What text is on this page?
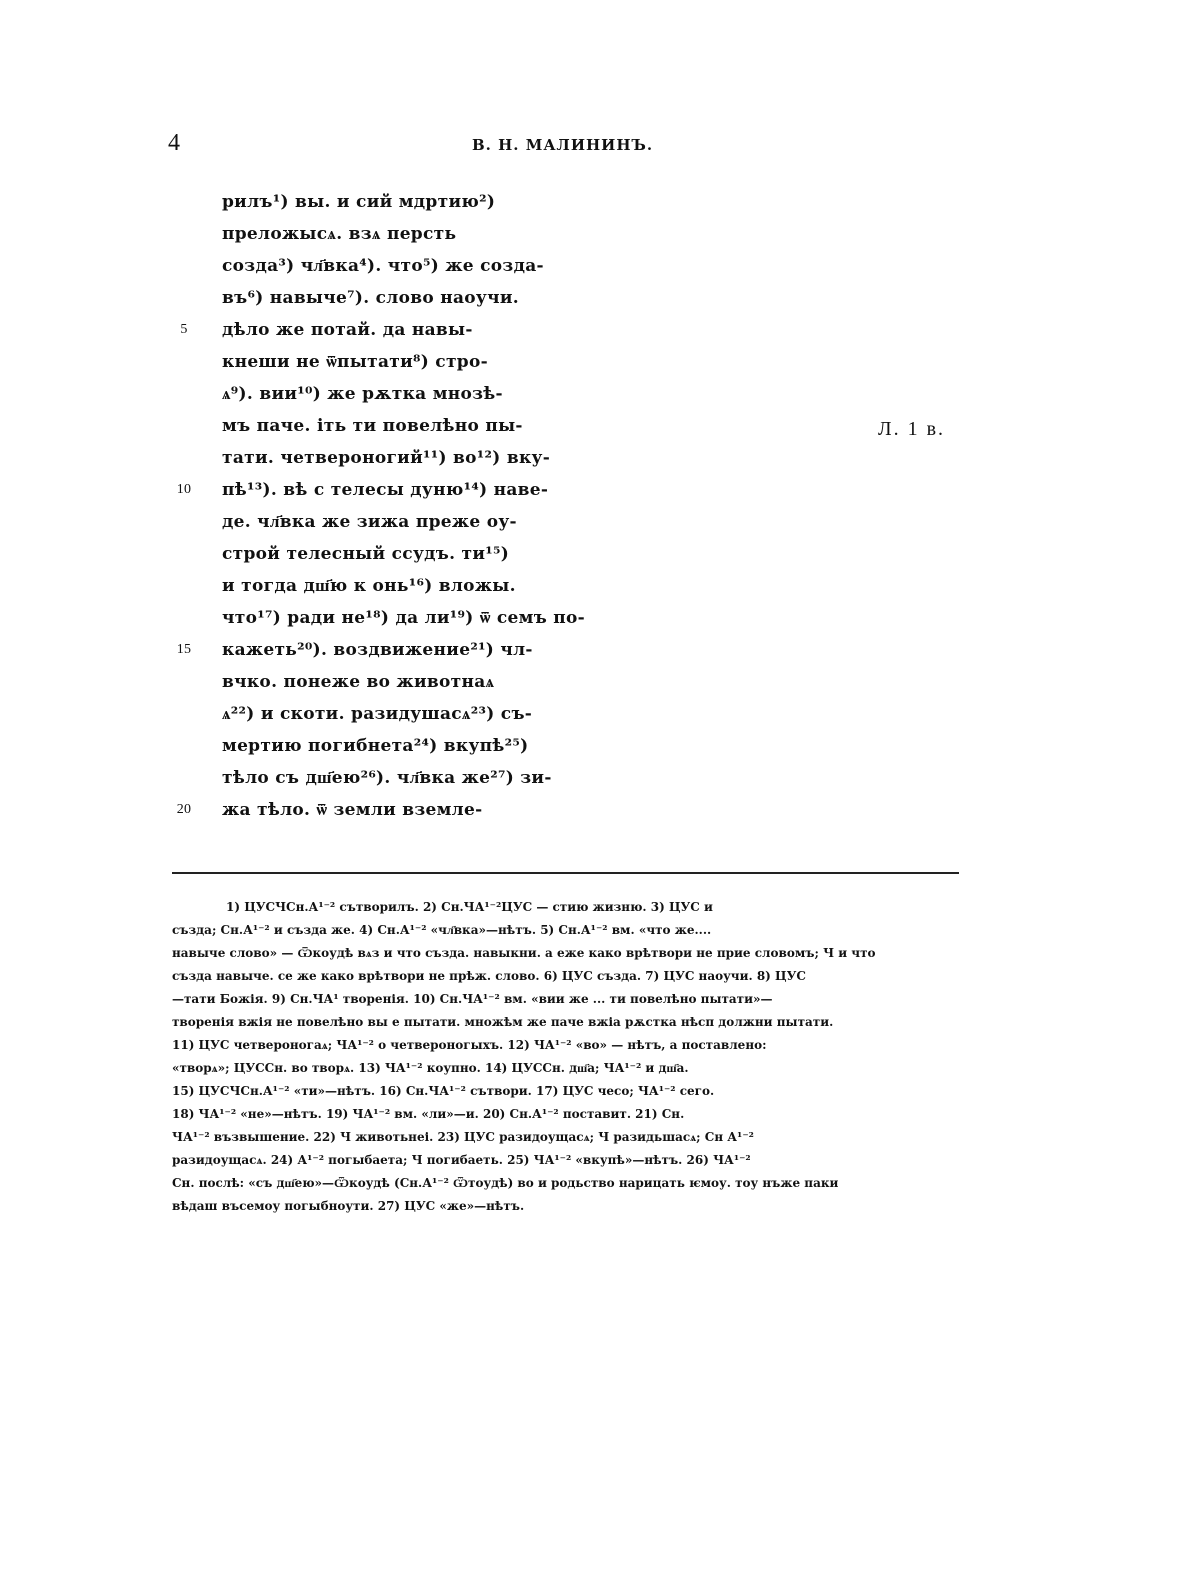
4	В. Н. МАЛИНИНЪ.
рилъ¹) вы. и сий мдртию²)
преложысѧ. взѧ персть
созда³) чл҃вка⁴). что⁵) же созда-
въ⁶) навыче⁷). слово наоучи.
5	дѣло же потай. да навы-
кнеши не ѿпытати⁸) стро-
ѧ⁹). вии¹⁰) же рѫтка мнозѣ-
мъ паче. іть ти повелѣно пы-
тати. четвероногий¹¹) во¹²) вку-
10 пѣ¹³). вѣ с телесы дуню¹⁴) наве-
де. чл҃вка же зижа преже оу-
строй телесный ссудъ. ти¹⁵)
и тогда дш҃ю к онь¹⁶) вложы.
что¹⁷) ради не¹⁸) да ли¹⁹) ѿ семъ по-
15 кажеть²⁰). воздвижение²¹) чл-
вчко. понеже во животнаѧ
ѧ²²) и скоти. разидушасѧ²³) съ-
мертию погибнета²⁴) вкупѣ²⁵)
тѣло съ дш҃ею²⁶). чл҃вка же²⁷) зи-
20 жа тѣло. ѿ земли вземле-
Л. 1 в.
1) ЦУСЧСн.А¹⁻² сътворилъ. 2) Сн.ЧА¹⁻²ЦУС — стию жизню. 3) ЦУС и
създа; Сн.А¹⁻² и създа же. 4) Сн.А¹⁻² «чл҃вка»—нѣтъ. 5) Сн.А¹⁻² вм. «что же....
навыче слово» — Ѿкоудѣ вѧз и что създа. навыкни. а еже како врѣтвори не прие словомъ; Ч и что
създа навыче. се же како врѣтвори не прѣж. слово. 6) ЦУС създа. 7) ЦУС наоучи. 8) ЦУС
—тати Божія. 9) Сн.ЧА¹ творенія. 10) Сн.ЧА¹⁻² вм. «вии же ... ти повелѣно пытати»—
творенія вжія не повелѣно вы е пытати. множѣм же паче вжіа рѫстка нѣсп должни пытати.
11) ЦУС четвероногаѧ; ЧА¹⁻² о четвероногыхъ. 12) ЧА¹⁻² «во» — нѣтъ, а поставлено:
«творѧ»; ЦУССн. во творѧ. 13) ЧА¹⁻² коупно. 14) ЦУССн. дш҃а; ЧА¹⁻² и дш҃а.
15) ЦУСЧСн.А¹⁻² «ти»—нѣтъ. 16) Сн.ЧА¹⁻² сътвори. 17) ЦУС чесо; ЧА¹⁻² сего.
18) ЧА¹⁻² «не»—нѣтъ. 19) ЧА¹⁻² вм. «ли»—и. 20) Сн.А¹⁻² поставит. 21) Сн.
ЧА¹⁻² възвышение. 22) Ч животьнеі. 23) ЦУС разидоущасѧ; Ч разидьшасѧ; Сн А¹⁻²
разидоущасѧ. 24) А¹⁻² погыбаета; Ч погибаеть. 25) ЧА¹⁻² «вкупѣ»—нѣтъ. 26) ЧА¹⁻²
Сн. послѣ: «съ дш҃ею»—Ѿкоудѣ (Сн.А¹⁻² Ѿтоудѣ) во и родьство нарицать ѥмоу. тоу нъже паки
вѣдаш въсемоу погыбноути. 27) ЦУС «же»—нѣтъ.
